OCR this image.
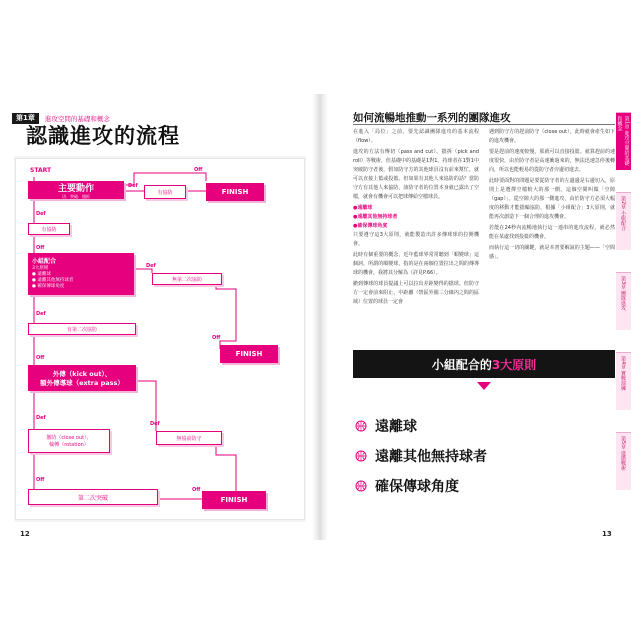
第1章	進攻空間的基礎和概念
認識進攻的流程
START
主要動作
切．突破．擋拆
Def
Off
有協防	FINISH
Def
有協防
Off
小組配合
3大原則
● 遠離球
● 遠離其他無持球者
● 確保傳球角度
Def
無第二次協防
Def
有第二次協防
Off
FINISH
Off
外傳（kick out）、
額外傳導球（extra pass）
Def
Def
撤防（close out）、
輪轉（rotation）
無協前防守
Off
FINISH
Off
第二次突破
12
如何流暢地推動一系列的團隊進攻

在進入「局位」之前，要先認識團隊進攻的基本流程（flow）。

進攻的方法有傳切（pass and cut）、擋拆（pick and roll）等戰術，但基礎中的基礎是1對1。持球者在1對1中突破防守者後，假如防守方的其他球員沒有前來幫忙，就可以直接上籃或投籃。但如果有其他人來協防的話？當防守方有其他人來協防，該防守者的位置本身就已露出了空檔，就會有機會可以把球傳給空檔球員。

●遠離球
●遠離其他無持球者
●確保傳球角度

只要遵守這3大原則，就能製造出許多傳球球的拉開機會。

此時有個重要的概念，近年藍球界常常聽到「順變球」這個詞，所謂的順變球，指的是在兩個位置拉出之間的傳導球的機會，我將其分解為（詳見P.66）。

撤到傳球的球員提議上可以拉出差距變得的擋球。但防守方一定會前來阻止，中距離（禁區外圍三分線內之間的區域）位置的球員一定會

遇到防守方的趕前防守（close out），此時就會產生如下的進攻機會。

要是趕前的速度較慢，那就可以直接投籃。就算趕前的速度很快，由於防守者是高速衝過來的，無法迅速急停後轉向，所以也能輕易的從防守者旁邊切進去。

此時要面對的問題是要從防守者的左邊邊是右邊切入，原則上是選擇空檔較大的那一側。這個空間叫做「空隙（gap）」。從空隙大的那一側進攻，由於防守方必須大幅度的移動才能擋輪協防，根據「小組配合」3大原則，就能再次創造下一個合理的進攻機會。

若能在24秒內流暢地執行這一連串的進攻流程，就必然能在某處找到投籃的機會。

而執行這一切的關鍵，就是本書要解說的主題——「空間感」。

小組配合的 3大原則
遠離球
遠離其他無持球者
確保傳球角度
13
第1章 進攻空間的基礎和概念
第2章 小組配合
第3章 團隊進攻
第4章 實戰演練
第5章 進階戰術
